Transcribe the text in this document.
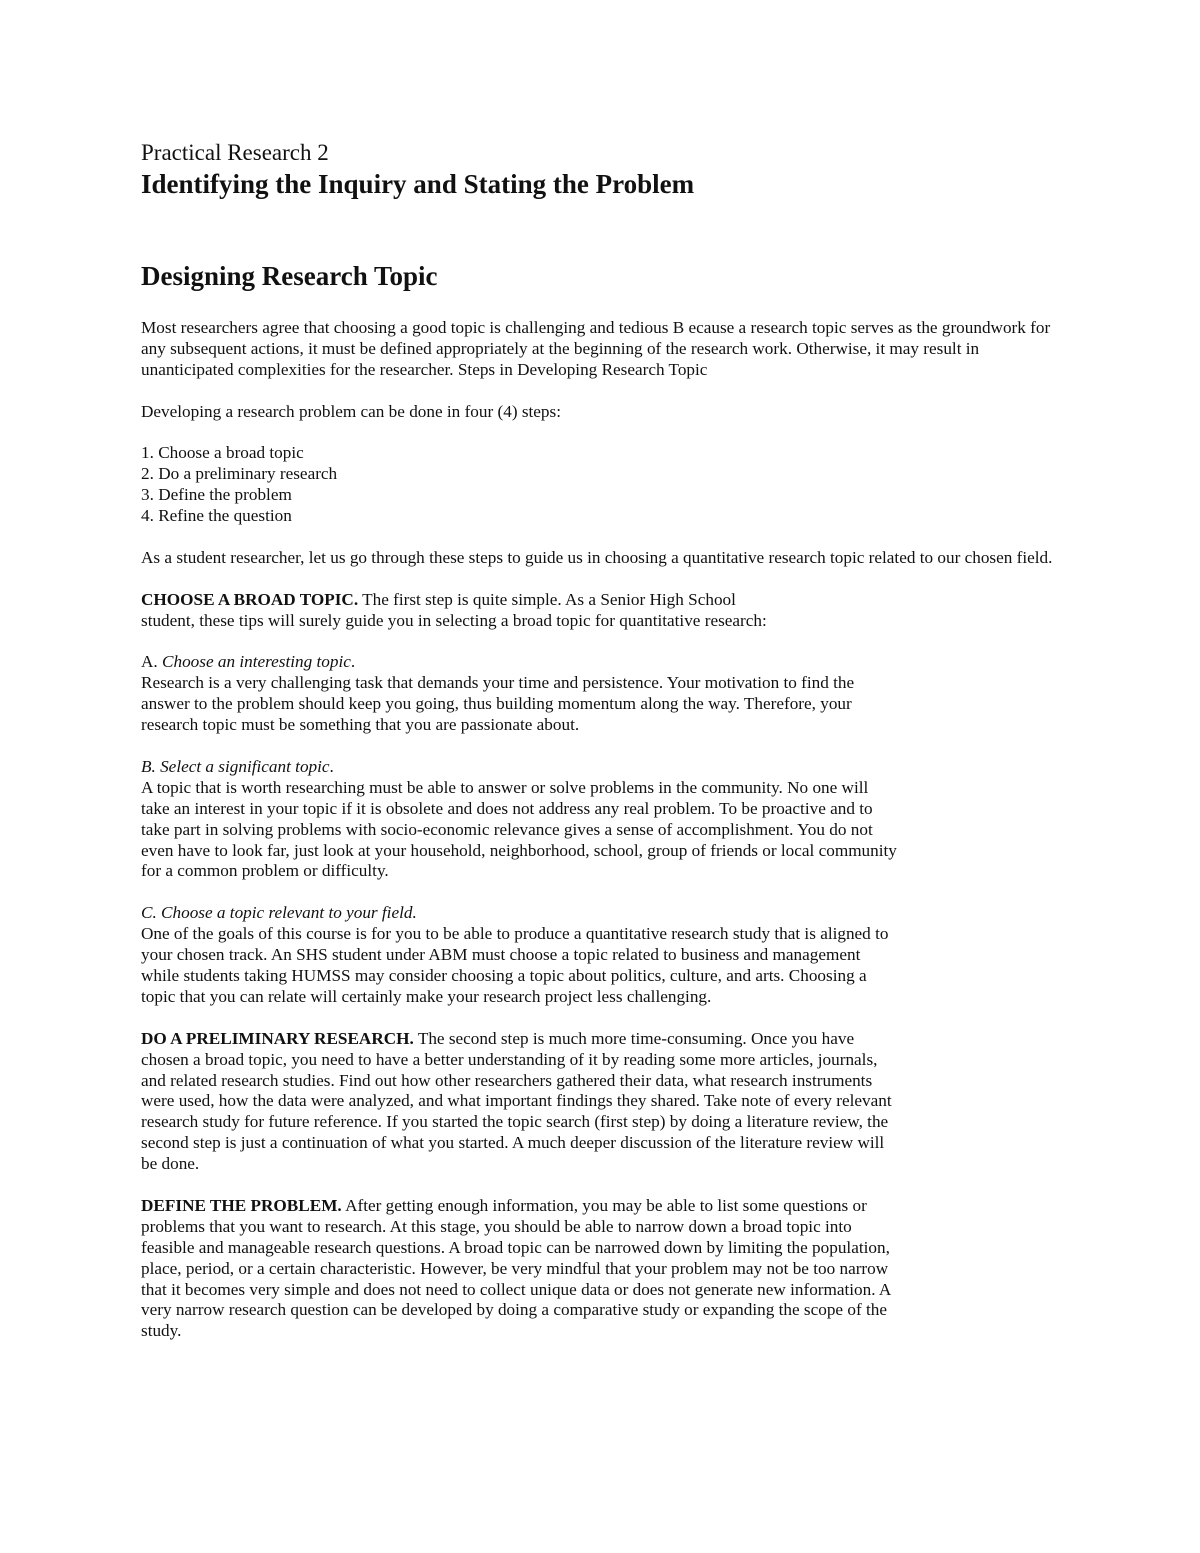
Practical Research 2
Identifying the Inquiry and Stating the Problem
Designing Research Topic

Most researchers agree that choosing a good topic is challenging and tedious B ecause a research topic serves as the groundwork for any subsequent actions, it must be defined appropriately at the beginning of the research work. Otherwise, it may result in unanticipated complexities for the researcher. Steps in Developing Research Topic

Developing a research problem can be done in four (4) steps:

1. Choose a broad topic
2. Do a preliminary research
3. Define the problem
4. Refine the question

As a student researcher, let us go through these steps to guide us in choosing a quantitative research topic related to our chosen field.

CHOOSE A BROAD TOPIC. The first step is quite simple. As a Senior High School
student, these tips will surely guide you in selecting a broad topic for quantitative research:

A. Choose an interesting topic.

Research is a very challenging task that demands your time and persistence. Your motivation to find the answer to the problem should keep you going, thus building momentum along the way. Therefore, your research topic must be something that you are passionate about.

B. Select a significant topic.

A topic that is worth researching must be able to answer or solve problems in the community. No one will take an interest in your topic if it is obsolete and does not address any real problem. To be proactive and to take part in solving problems with socio-economic relevance gives a sense of accomplishment. You do not even have to look far, just look at your household, neighborhood, school, group of friends or local community for a common problem or difficulty.

C. Choose a topic relevant to your field.

One of the goals of this course is for you to be able to produce a quantitative research study that is aligned to your chosen track. An SHS student under ABM must choose a topic related to business and management while students taking HUMSS may consider choosing a topic about politics, culture, and arts. Choosing a topic that you can relate will certainly make your research project less challenging.

DO A PRELIMINARY RESEARCH. The second step is much more time-consuming. Once you have chosen a broad topic, you need to have a better understanding of it by reading some more articles, journals, and related research studies. Find out how other researchers gathered their data, what research instruments were used, how the data were analyzed, and what important findings they shared. Take note of every relevant research study for future reference. If you started the topic search (first step) by doing a literature review, the second step is just a continuation of what you started. A much deeper discussion of the literature review will be done.

DEFINE THE PROBLEM. After getting enough information, you may be able to list some questions or problems that you want to research. At this stage, you should be able to narrow down a broad topic into feasible and manageable research questions. A broad topic can be narrowed down by limiting the population, place, period, or a certain characteristic. However, be very mindful that your problem may not be too narrow that it becomes very simple and does not need to collect unique data or does not generate new information. A very narrow research question can be developed by doing a comparative study or expanding the scope of the study.
